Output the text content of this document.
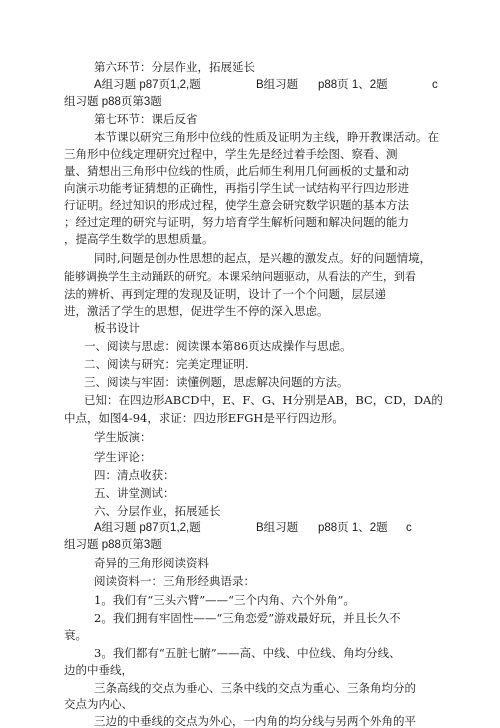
第六环节：分层作业，拓展延长
A组习题 p87页1,2,题	B组习题 p88页 1、2题	c
组习题 p88页第3题
第七环节：课后反省
本节课以研究三角形中位线的性质及证明为主线，睁开教课活动。在
三角形中位线定理研究过程中，学生先是经过着手绘图、察看、测
量、猜想出三角形中位线的性质，此后师生利用几何画板的丈量和动
向演示功能考证猜想的正确性，再指引学生试一试结构平行四边形进
行证明。经过知识的形成过程，使学生意会研究数学识题的基本方法
；经过定理的研究与证明，努力培育学生解析问题和解决问题的能力
，提高学生数学的思想质量。
同时,问题是创办性思想的起点，是兴趣的激发点。好的问题情境，
能够调换学生主动踊跃的研究。本课采纳问题驱动，从看法的产生，到看
法的辨析、再到定理的发现及证明，设计了一个个问题，层层递
进，激活了学生的思想，促进学生不停的深入思虑。
板书设计
一、阅读与思虑：阅读课本第86页达成操作与思虑。
二、阅读与研究：完美定理证明.
三、阅读与牢固：读懂例题，思虑解决问题的方法。
已知：在四边形ABCD中，E、F、G、H分别是AB，BC，CD，DA的
中点，如图4-94，求证：四边形EFGH是平行四边形。
学生版演：
学生评论：
四：清点收获：
五、讲堂测试：
六、分层作业，拓展延长
A组习题 p87页1,2,题	B组习题 p88页 1、2题 c
组习题 p88页第3题
奇异的三角形阅读资料
阅读资料一：三角形经典语录：
1。我们有“三头六臂”——“三个内角、六个外角”。
2。我们拥有牢固性——“三角恋爱”游戏最好玩，并且长久不
衰。
3。我们都有“五脏七腑”——高、中线、中位线、角均分线、
边的中垂线，
三条高线的交点为垂心、三条中线的交点为重心、三条角均分的
交点为内心、
三边的中垂线的交点为外心，一内角的均分线与另两个外角的平
